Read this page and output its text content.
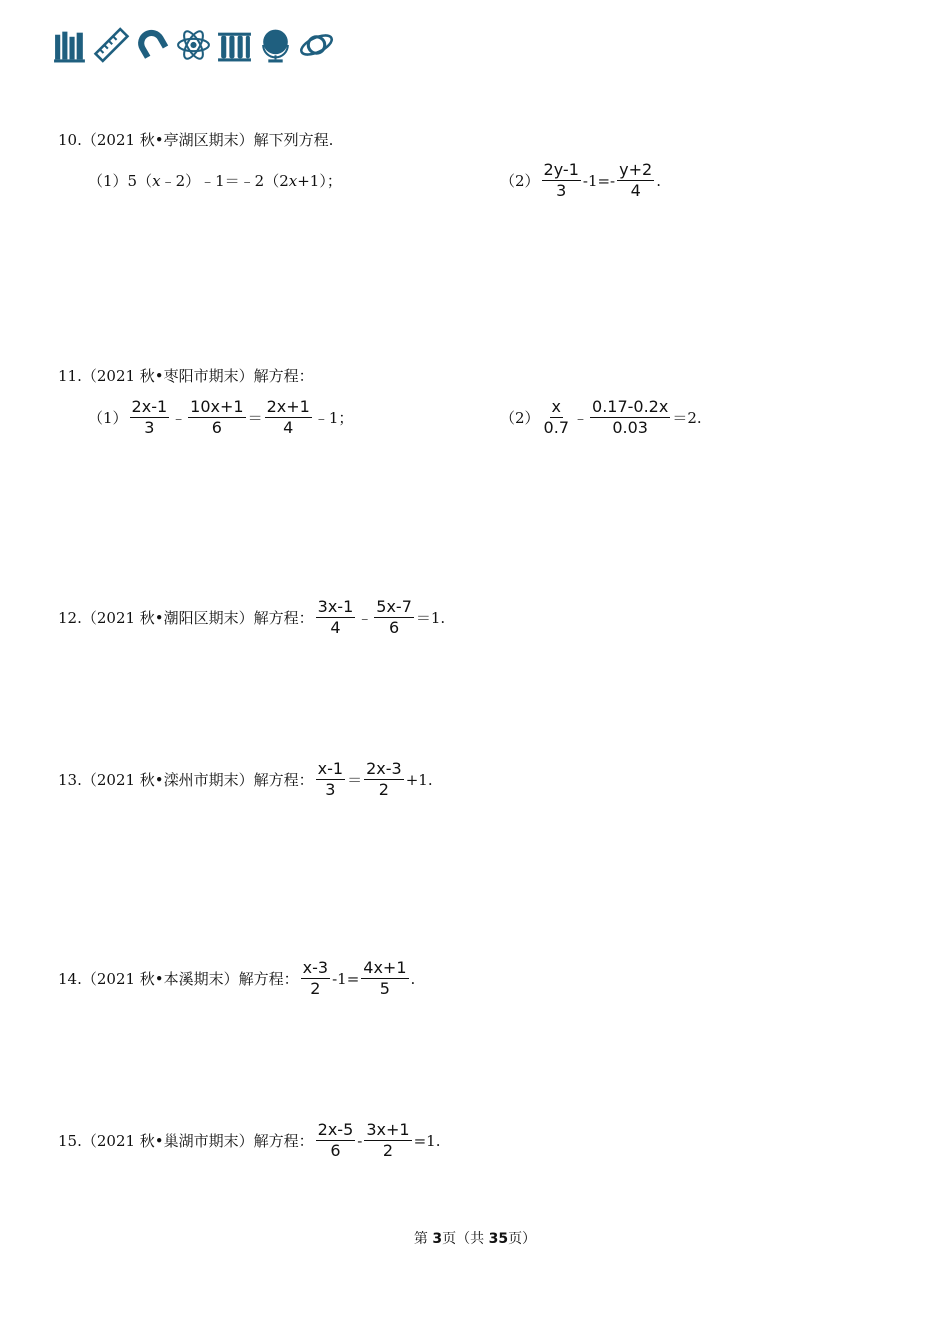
10.（2021 秋•亭湖区期末）解下列方程.
（1）5（ x ﹣2）﹣1＝﹣2（2 x +1）；	$(2) \frac{2y-1}{3} -1=- \frac{y+2}{4}$ .
11.（2021 秋•枣阳市期末）解方程：
$(1) \frac{2x-1}{3}$ ﹣ $\frac{10x+1}{6} = \frac{2x+1}{4}$ ﹣1；	$(2) \frac{x}{0.7}$ ﹣ $\frac{0.17-0.2x}{0.03} =2$.
12.（2021 秋•潮阳区期末）解方程： $\frac{3x-1}{4}$ ﹣ $\frac{5x-7}{6} =1$.
13.（2021 秋•滦州市期末）解方程： $\frac{x-1}{3} = \frac{2x-3}{2} +1$.
14.（2021 秋•本溪期末）解方程： $\frac{x-3}{2} -1= \frac{4x+1}{5}$ .
15.（2021 秋•巢湖市期末）解方程： $\frac{2x-5}{6} - \frac{3x+1}{2} =1$.
第 3页（共 35页）
